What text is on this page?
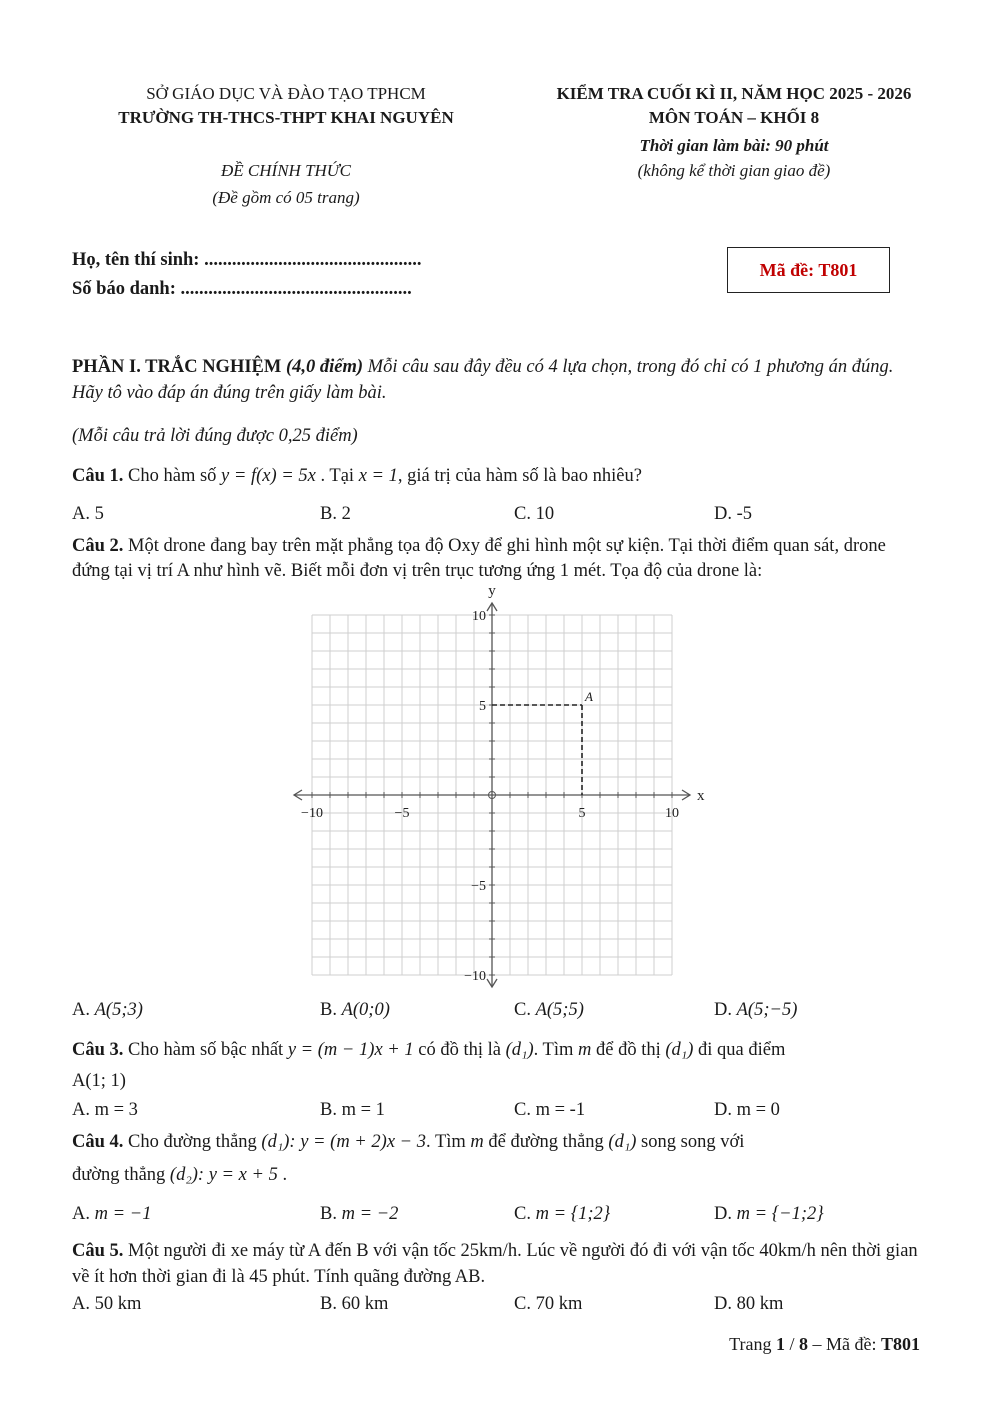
SỞ GIÁO DỤC VÀ ĐÀO TẠO TPHCM
TRƯỜNG TH-THCS-THPT KHAI NGUYÊN
ĐỀ CHÍNH THỨC
(Đề gồm có 05 trang)
KIỂM TRA CUỐI KÌ II, NĂM HỌC 2025 - 2026
MÔN TOÁN – KHỐI 8
Thời gian làm bài: 90 phút
(không kể thời gian giao đề)
Họ, tên thí sinh: ...............................................
Số báo danh: ..................................................
Mã đề: T801
PHẦN I. TRẮC NGHIỆM (4,0 điểm) Mỗi câu sau đây đều có 4 lựa chọn, trong đó chỉ có 1 phương án đúng. Hãy tô vào đáp án đúng trên giấy làm bài.
(Mỗi câu trả lời đúng được 0,25 điểm)
Câu 1. Cho hàm số y = f(x) = 5x . Tại x = 1, giá trị của hàm số là bao nhiêu?
A. 5	B. 2	C. 10	D. -5
Câu 2. Một drone đang bay trên mặt phẳng tọa độ Oxy để ghi hình một sự kiện. Tại thời điểm quan sát, drone đứng tại vị trí A như hình vẽ. Biết mỗi đơn vị trên trục tương ứng 1 mét. Tọa độ của drone là:
−10	−5	5	10
10
5
−5
−10
y
x
A
A. A(5;3)	B. A(0;0)	C. A(5;5)	D. A(5;−5)
Câu 3. Cho hàm số bậc nhất y = (m − 1)x + 1 có đồ thị là (d₁). Tìm m để đồ thị (d₁) đi qua điểm
A(1; 1)
A. m = 3	B. m = 1	C. m = -1	D. m = 0
Câu 4. Cho đường thẳng (d₁): y = (m + 2)x − 3. Tìm m để đường thẳng (d₁) song song với
đường thẳng (d₂): y = x + 5 .
A. m = −1	B. m = −2	C. m = {1;2}	D. m = {−1;2}
Câu 5. Một người đi xe máy từ A đến B với vận tốc 25km/h. Lúc về người đó đi với vận tốc 40km/h nên thời gian về ít hơn thời gian đi là 45 phút. Tính quãng đường AB.
A. 50 km	B. 60 km	C. 70 km	D. 80 km
Trang 1 / 8 – Mã đề: T801
